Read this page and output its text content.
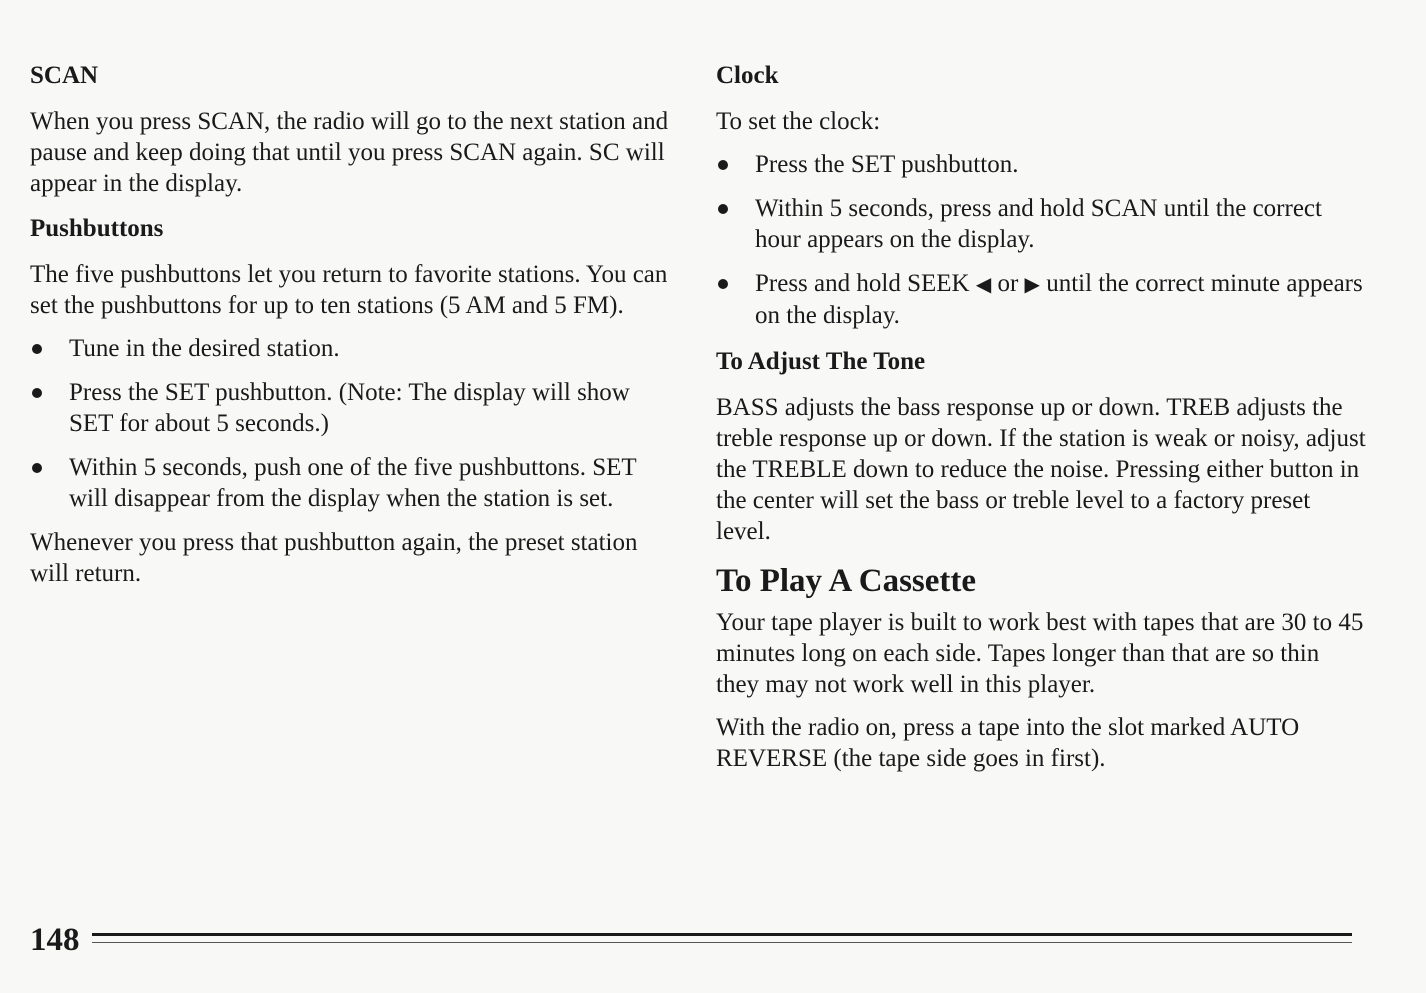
SCAN

When you press SCAN, the radio will go to the next station and pause and keep doing that until you press SCAN again. SC will appear in the display.

Pushbuttons

The five pushbuttons let you return to favorite stations. You can set the pushbuttons for up to ten stations (5 AM and 5 FM).

Tune in the desired station.
Press the SET pushbutton. (Note: The display will show SET for about 5 seconds.)
Within 5 seconds, push one of the five pushbuttons. SET will disappear from the display when the station is set.

Whenever you press that pushbutton again, the preset station will return.

Clock

To set the clock:

Press the SET pushbutton.
Within 5 seconds, press and hold SCAN until the correct hour appears on the display.
Press and hold SEEK ◀ or ▶ until the correct minute appears on the display.
To Adjust The Tone

BASS adjusts the bass response up or down. TREB adjusts the treble response up or down. If the station is weak or noisy, adjust the TREBLE down to reduce the noise. Pressing either button in the center will set the bass or treble level to a factory preset level.

To Play A Cassette

Your tape player is built to work best with tapes that are 30 to 45 minutes long on each side. Tapes longer than that are so thin they may not work well in this player.

With the radio on, press a tape into the slot marked AUTO REVERSE (the tape side goes in first).

148
